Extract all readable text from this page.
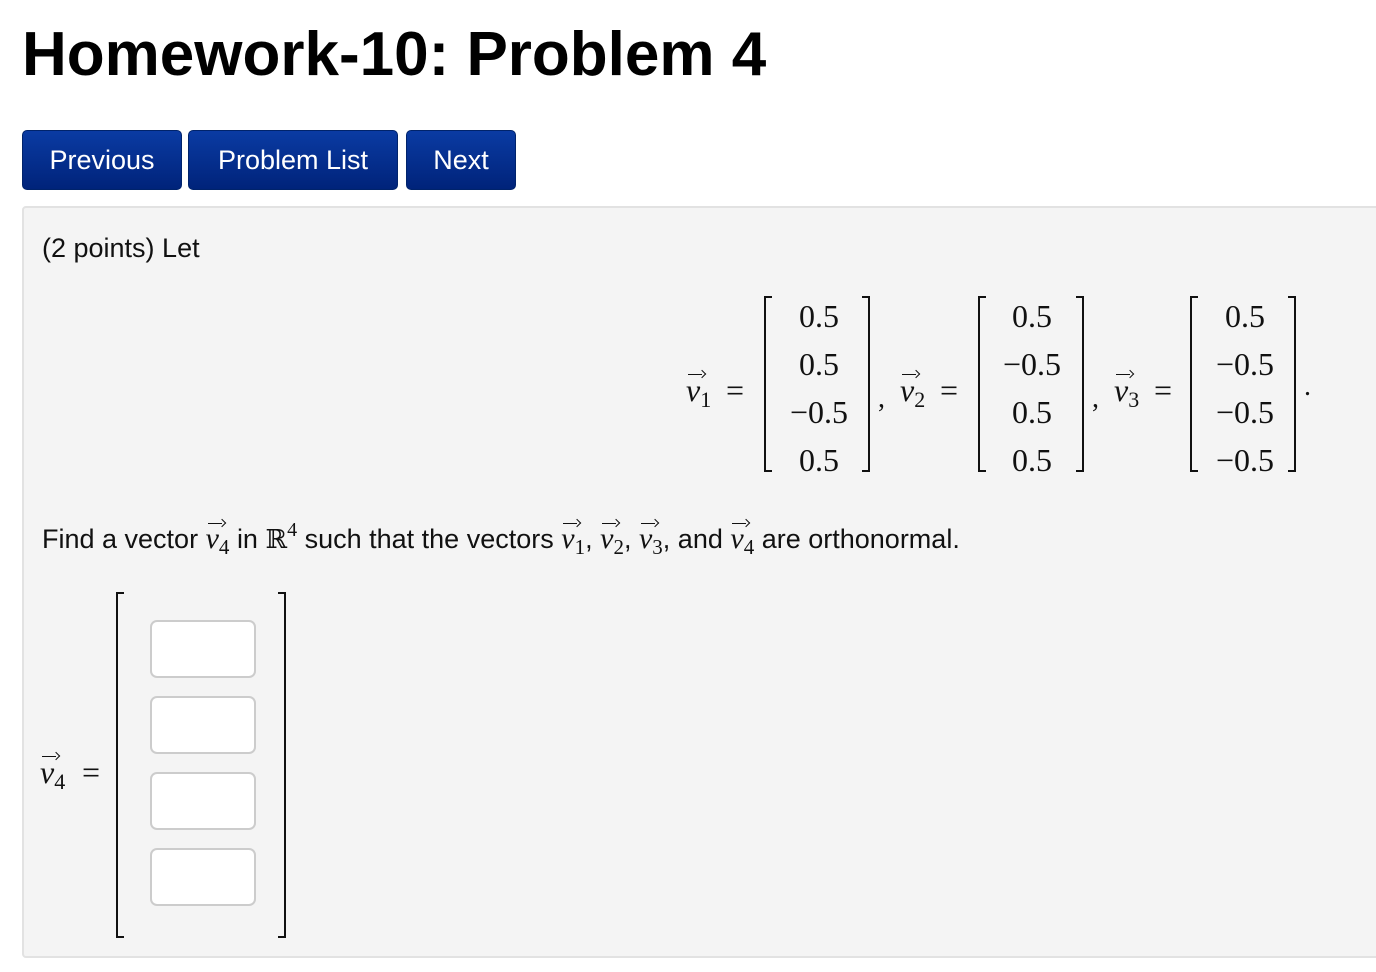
Homework-10: Problem 4
Previous	Problem List	Next
(2 points) Let
$v_1$ =
0.5
0.5
−0.5
0.5
, $v_2$ =
0.5
−0.5
0.5
0.5
, $v_3$ =
0.5
−0.5
−0.5
−0.5
.
Find a vector $v_4$ in ℝ$^4$ such that the vectors $v_1$, $v_2$, $v_3$, and $v_4$ are orthonormal.
$v_4$ =
